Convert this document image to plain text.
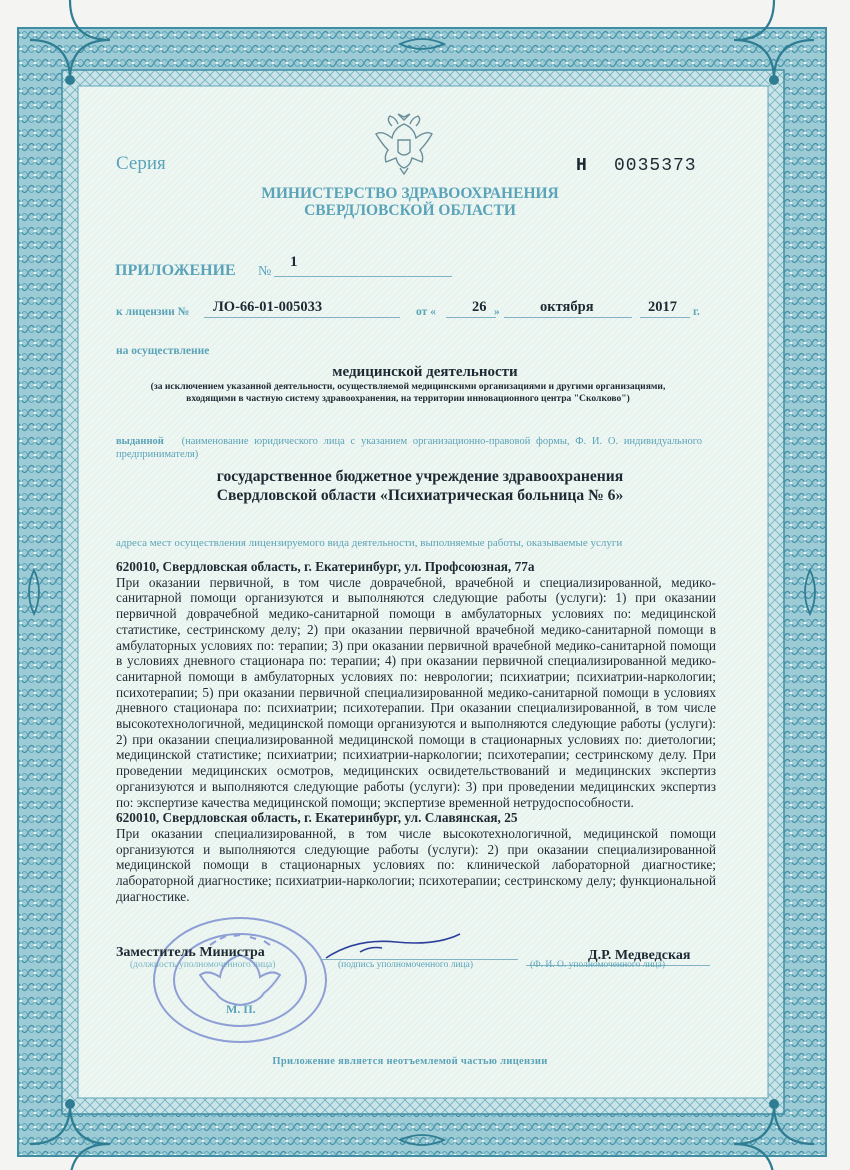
Серия	Н 0035373
МИНИСТЕРСТВО ЗДРАВООХРАНЕНИЯ
СВЕРДЛОВСКОЙ ОБЛАСТИ
ПРИЛОЖЕНИЕ №
1
к лицензии № ЛО-66-01-005033	от « 26 »	октября	2017 г.
на осуществление
медицинской деятельности
(за исключением указанной деятельности, осуществляемой медицинскими организациями и другими организациями, входящими в частную систему здравоохранения, на территории инновационного центра "Сколково")
выданной (наименование юридического лица с указанием организационно-правовой формы, Ф. И. О. индивидуального предпринимателя)
государственное бюджетное учреждение здравоохранения
Свердловской области «Психиатрическая больница № 6»
адреса мест осуществления лицензируемого вида деятельности, выполняемые работы, оказываемые услуги

620010, Свердловская область, г. Екатеринбург, ул. Профсоюзная, 77а

При оказании первичной, в том числе доврачебной, врачебной и специализированной, медико-санитарной помощи организуются и выполняются следующие работы (услуги): 1) при оказании первичной доврачебной медико-санитарной помощи в амбулаторных условиях по: медицинской статистике, сестринскому делу; 2) при оказании первичной врачебной медико-санитарной помощи в амбулаторных условиях по: терапии; 3) при оказании первичной врачебной медико-санитарной помощи в условиях дневного стационара по: терапии; 4) при оказании первичной специализированной медико-санитарной помощи в амбулаторных условиях по: неврологии; психиатрии; психиатрии-наркологии; психотерапии; 5) при оказании первичной специализированной медико-санитарной помощи в условиях дневного стационара по: психиатрии; психотерапии. При оказании специализированной, в том числе высокотехнологичной, медицинской помощи организуются и выполняются следующие работы (услуги): 2) при оказании специализированной медицинской помощи в стационарных условиях по: диетологии; медицинской статистике; психиатрии; психиатрии-наркологии; психотерапии; сестринскому делу. При проведении медицинских осмотров, медицинских освидетельствований и медицинских экспертиз организуются и выполняются следующие работы (услуги): 3) при проведении медицинских экспертиз по: экспертизе качества медицинской помощи; экспертизе временной нетрудоспособности.

620010, Свердловская область, г. Екатеринбург, ул. Славянская, 25

При оказании специализированной, в том числе высокотехнологичной, медицинской помощи организуются и выполняются следующие работы (услуги): 2) при оказании специализированной медицинской помощи в стационарных условиях по: клинической лабораторной диагностике; лабораторной диагностике; психиатрии-наркологии; психотерапии; сестринскому делу; функциональной диагностике.

Заместитель Министра
(должность уполномоченного лица)	(подпись уполномоченного лица)
Д.Р. Медведская
(Ф. И. О. уполномоченного лица)
М. П.
Приложение является неотъемлемой частью лицензии
